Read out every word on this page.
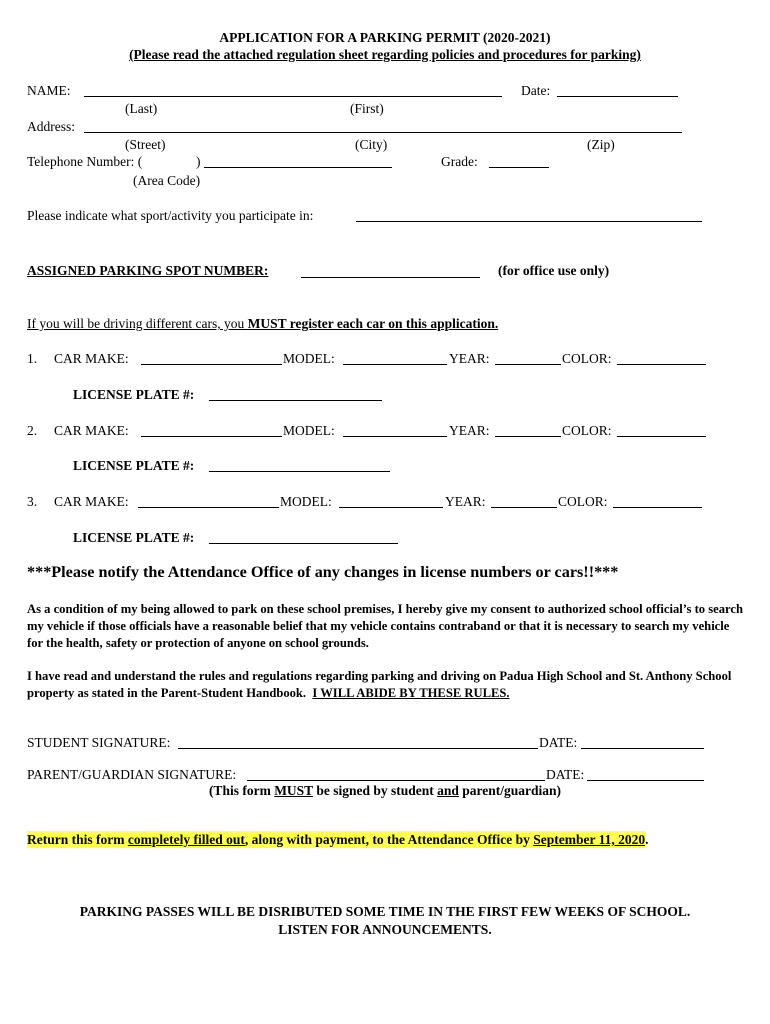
APPLICATION FOR A PARKING PERMIT (2020-2021)
(Please read the attached regulation sheet regarding policies and procedures for parking)
NAME:	Date:
(Last)	(First)
Address:
(Street)	(City)	(Zip)
Telephone Number: (	)	Grade:
(Area Code)
Please indicate what sport/activity you participate in:
ASSIGNED PARKING SPOT NUMBER:	(for office use only)
If you will be driving different cars, you MUST register each car on this application.
1. CAR MAKE:	MODEL:	YEAR:	COLOR:
LICENSE PLATE #:
2. CAR MAKE:	MODEL:	YEAR:	COLOR:
LICENSE PLATE #:
3. CAR MAKE:	MODEL:	YEAR:	COLOR:
LICENSE PLATE #:
***Please notify the Attendance Office of any changes in license numbers or cars!!***
As a condition of my being allowed to park on these school premises, I hereby give my consent to authorized school official’s to search my vehicle if those officials have a reasonable belief that my vehicle contains contraband or that it is necessary to search my vehicle for the health, safety or protection of anyone on school grounds.
I have read and understand the rules and regulations regarding parking and driving on Padua High School and St. Anthony School property as stated in the Parent-Student Handbook. I WILL ABIDE BY THESE RULES.
STUDENT SIGNATURE:	DATE:
PARENT/GUARDIAN SIGNATURE:	DATE:
(This form MUST be signed by student and parent/guardian)
Return this form completely filled out, along with payment, to the Attendance Office by September 11, 2020.
PARKING PASSES WILL BE DISRIBUTED SOME TIME IN THE FIRST FEW WEEKS OF SCHOOL.
LISTEN FOR ANNOUNCEMENTS.
